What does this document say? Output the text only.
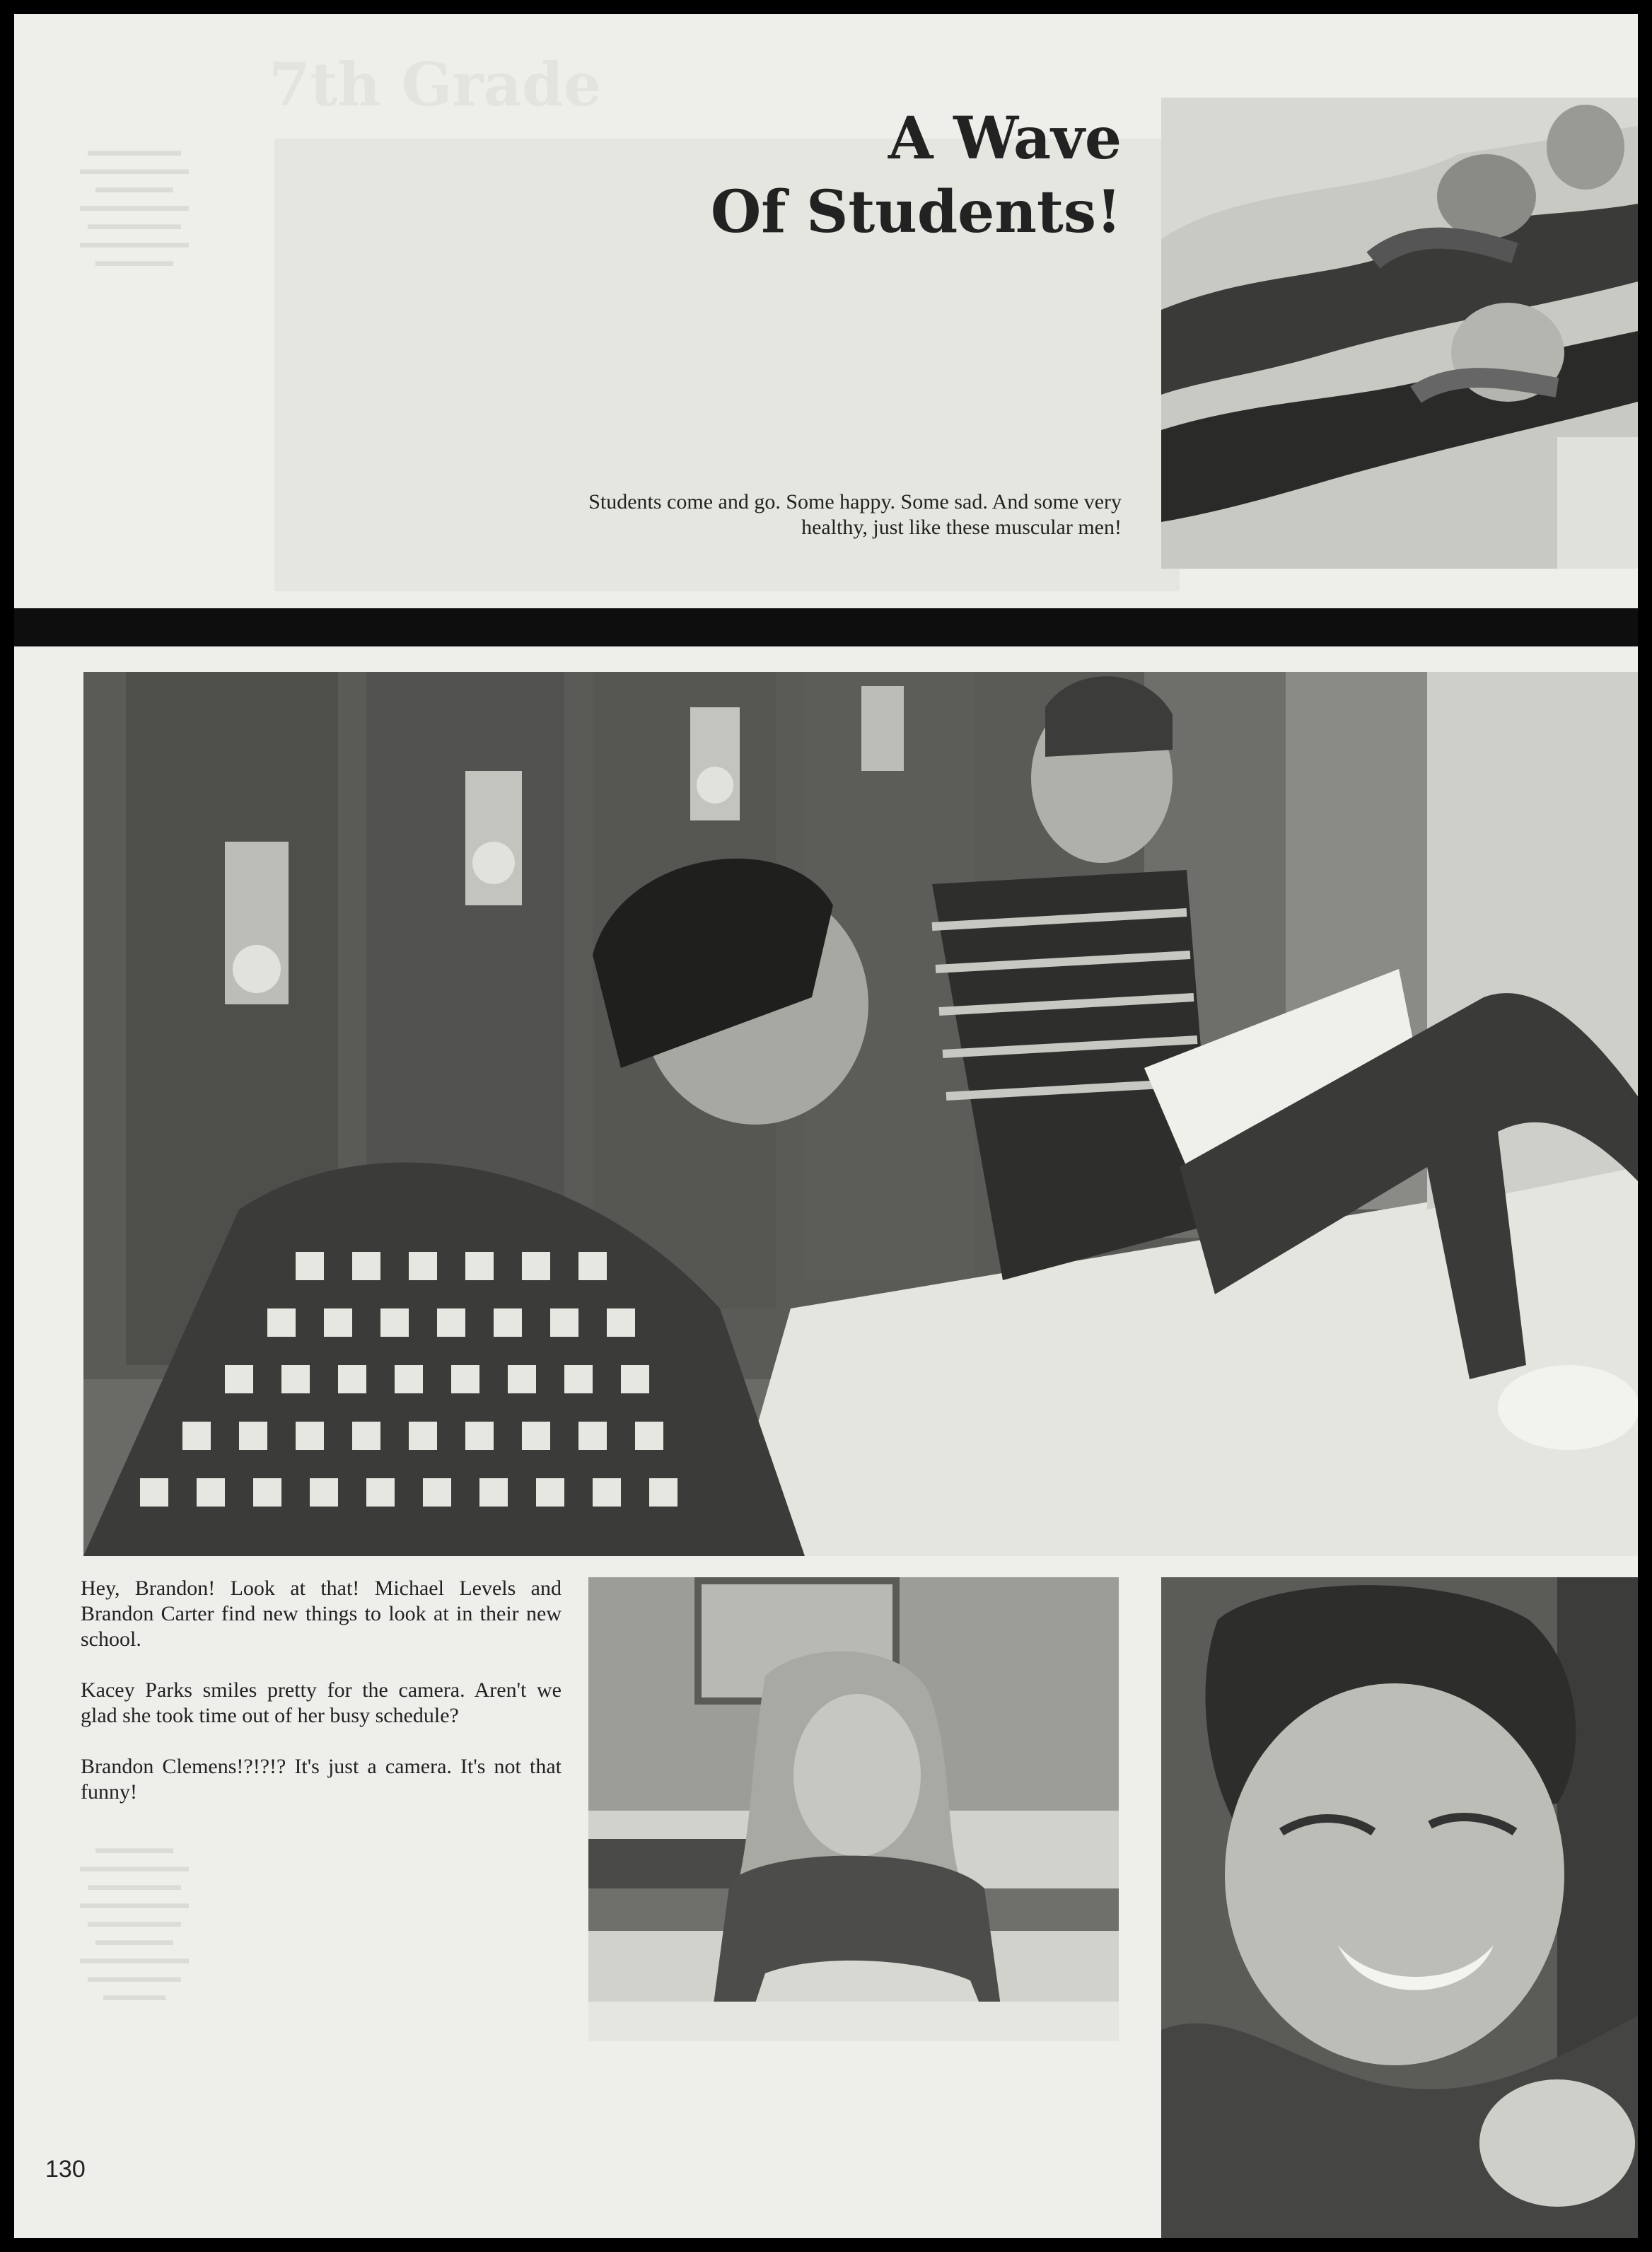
7th Grade
▬▬▬▬▬▬
▬▬▬▬▬▬▬
▬▬▬▬▬
▬▬▬▬▬▬▬
▬▬▬▬▬▬
▬▬▬▬▬▬▬
▬▬▬▬▬
▬▬▬▬▬
▬▬▬▬▬▬▬
▬▬▬▬▬▬
▬▬▬▬▬▬▬
▬▬▬▬▬▬
▬▬▬▬▬
▬▬▬▬▬▬▬
▬▬▬▬▬▬
▬▬▬▬
A Wave
Of Students!
Students come and go. Some happy. Some sad. And some very healthy, just like these muscular men!

Hey, Brandon! Look at that! Michael Levels and Brandon Carter find new things to look at in their new school.

Kacey Parks smiles pretty for the camera. Aren't we glad she took time out of her busy schedule?

Brandon Clemens!?!?!? It's just a camera. It's not that funny!

130
